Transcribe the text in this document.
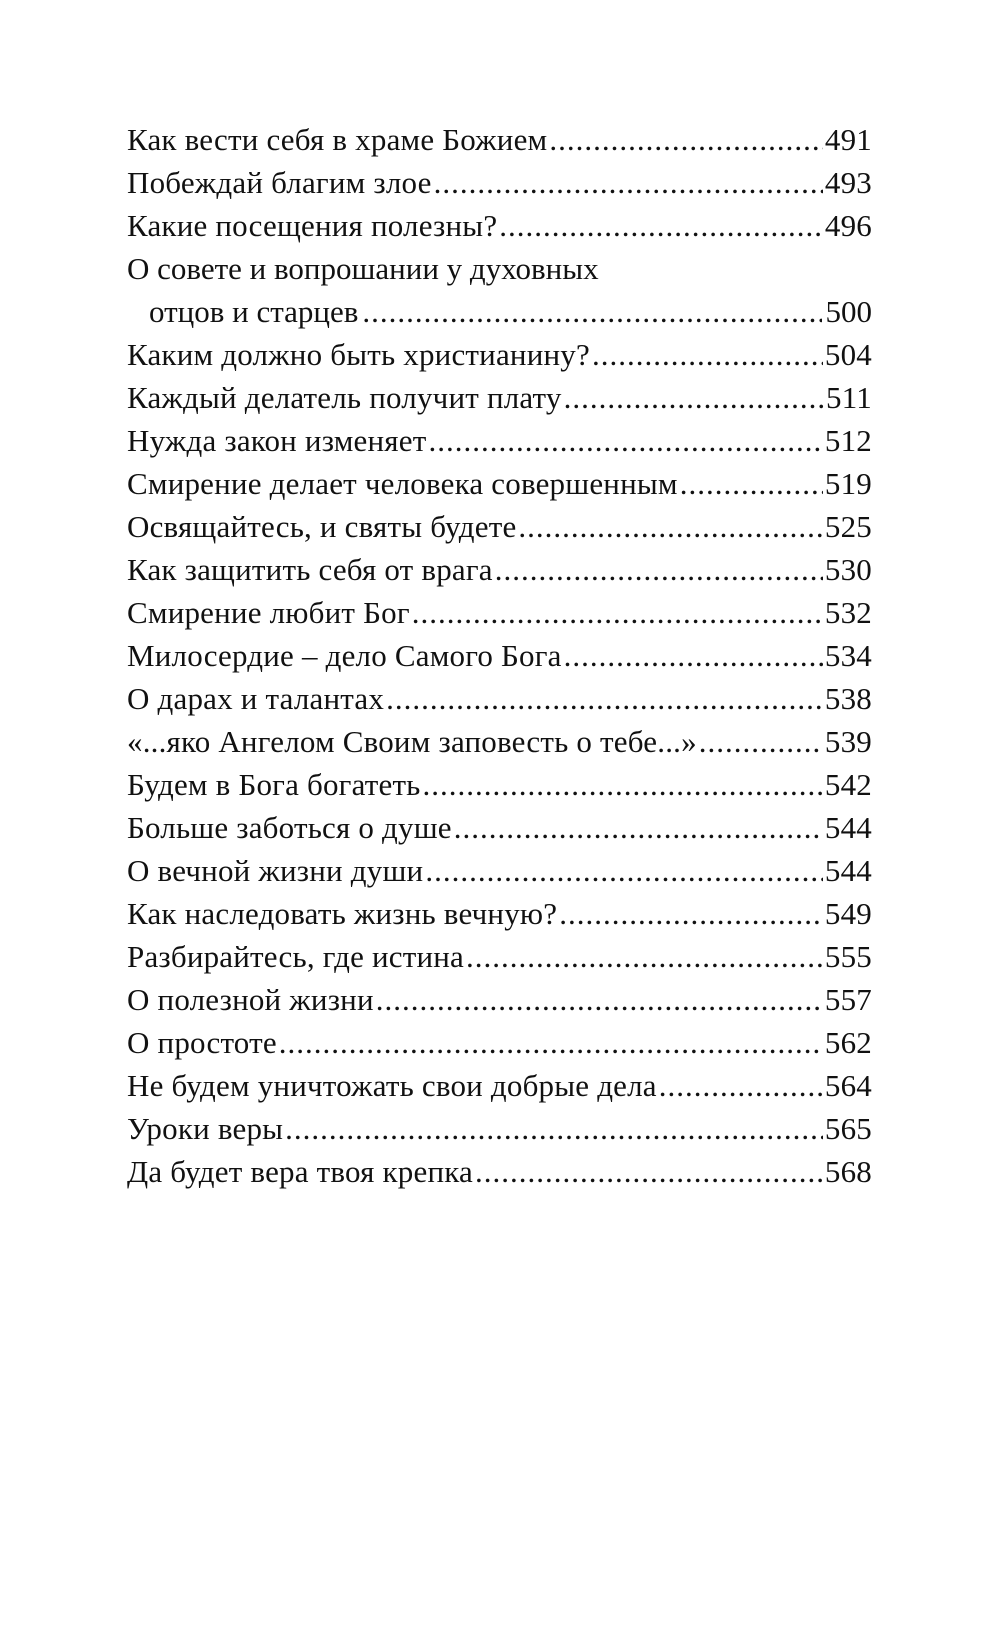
Как вести себя в храме Божием .....	491
Побеждай благим злое .....	493
Какие посещения полезны? .....	496
О совете и вопрошании у духовных
отцов и старцев .....	500
Каким должно быть христианину? .....	504
Каждый делатель получит плату .....	511
Нужда закон изменяет .....	512
Смирение делает человека совершенным .....	519
Освящайтесь, и святы будете .....	525
Как защитить себя от врага .....	530
Смирение любит Бог .....	532
Милосердие – дело Самого Бога .....	534
О дарах и талантах .....	538
«...яко Ангелом Своим заповесть о тебе...» .....	539
Будем в Бога богатеть .....	542
Больше заботься о душе .....	544
О вечной жизни души .....	544
Как наследовать жизнь вечную? .....	549
Разбирайтесь, где истина .....	555
О полезной жизни .....	557
О простоте .....	562
Не будем уничтожать свои добрые дела .....	564
Уроки веры .....	565
Да будет вера твоя крепка .....	568
